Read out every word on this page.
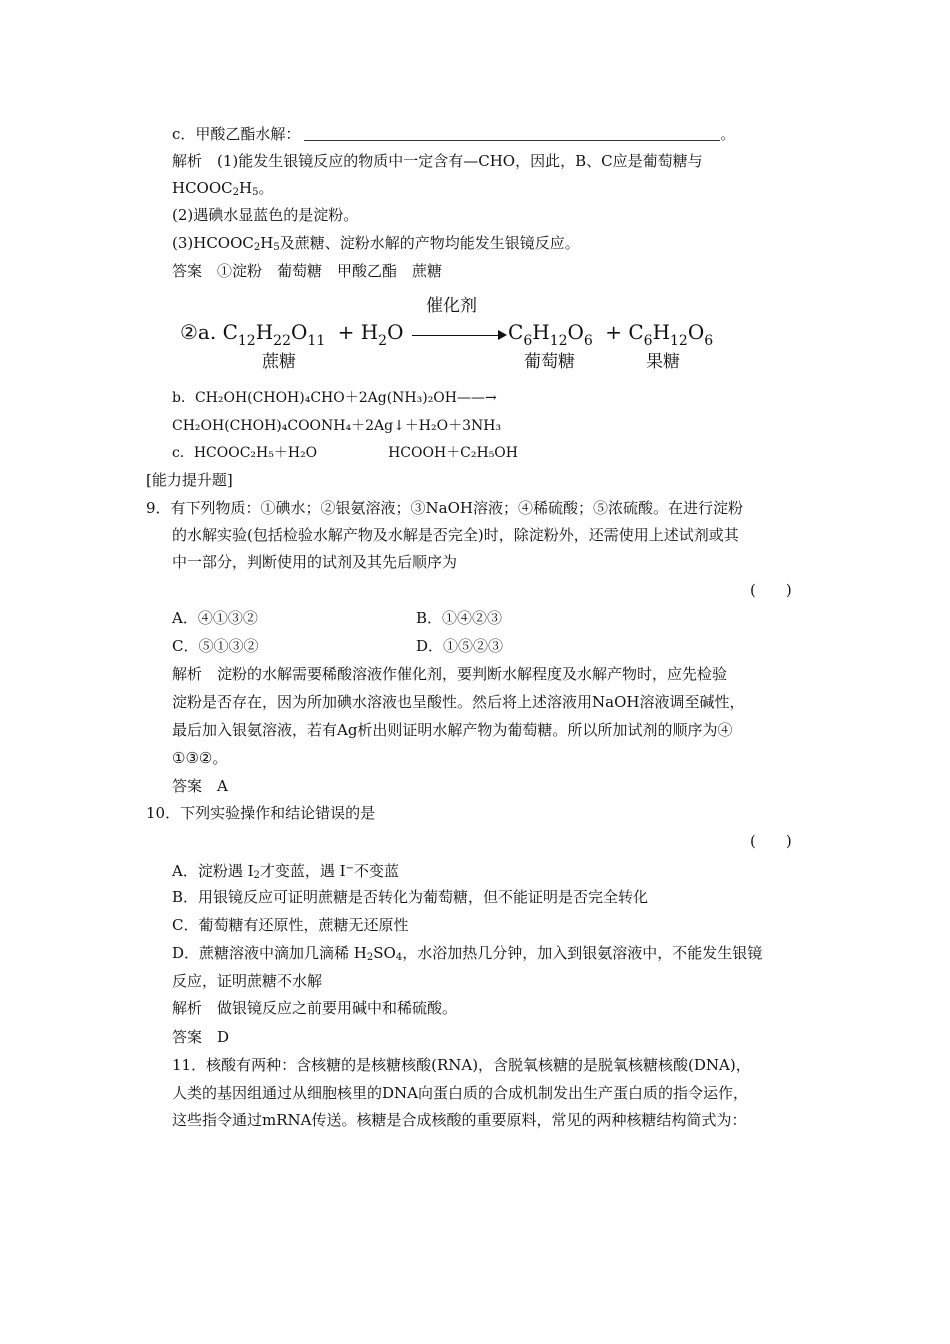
c．甲酸乙酯水解：	。
解析　(1)能发生银镜反应的物质中一定含有—CHO，因此，B、C应是葡萄糖与
$HCOOC_2H_5$。
(2)遇碘水显蓝色的是淀粉。
$(3)HCOOC_2H_5$及蔗糖、淀粉水解的产物均能发生银镜反应。
答案　①淀粉　葡萄糖　甲酸乙酯　蔗糖
②a. $C_{12}H_{22}O_{11} + H_2O$
催化剂
$C_6H_{12}O_6 + C_6H_{12}O_6$
蔗糖	葡萄糖	果糖
b．CH₂OH(CHOH)₄CHO＋2Ag(NH₃)₂OH——→
CH₂OH(CHOH)₄COONH₄＋2Ag↓＋H₂O＋3NH₃
c．HCOOC₂H₅＋H₂O	HCOOH＋C₂H₅OH
[能力提升题]
9．有下列物质：①碘水；②银氨溶液；③NaOH溶液；④稀硫酸；⑤浓硫酸。在进行淀粉
的水解实验(包括检验水解产物及水解是否完全)时，除淀粉外，还需使用上述试剂或其
中一部分，判断使用的试剂及其先后顺序为
(　　)
A．④①③②	B．①④②③
C．⑤①③②	D．①⑤②③
解析　淀粉的水解需要稀酸溶液作催化剂，要判断水解程度及水解产物时，应先检验
淀粉是否存在，因为所加碘水溶液也呈酸性。然后将上述溶液用NaOH溶液调至碱性，
最后加入银氨溶液，若有Ag析出则证明水解产物为葡萄糖。所以所加试剂的顺序为④
①③②。
答案　A
10．下列实验操作和结论错误的是
(　　)
A．淀粉遇 $I_2$才变蓝，遇 I−不变蓝
B．用银镜反应可证明蔗糖是否转化为葡萄糖，但不能证明是否完全转化
C．葡萄糖有还原性，蔗糖无还原性
D．蔗糖溶液中滴加几滴稀 $H_2SO_4$，水浴加热几分钟，加入到银氨溶液中，不能发生银镜
反应，证明蔗糖不水解
解析　做银镜反应之前要用碱中和稀硫酸。
答案　D
11．核酸有两种：含核糖的是核糖核酸(RNA)，含脱氧核糖的是脱氧核糖核酸(DNA)，
人类的基因组通过从细胞核里的DNA向蛋白质的合成机制发出生产蛋白质的指令运作，
这些指令通过mRNA传送。核糖是合成核酸的重要原料，常见的两种核糖结构简式为：
